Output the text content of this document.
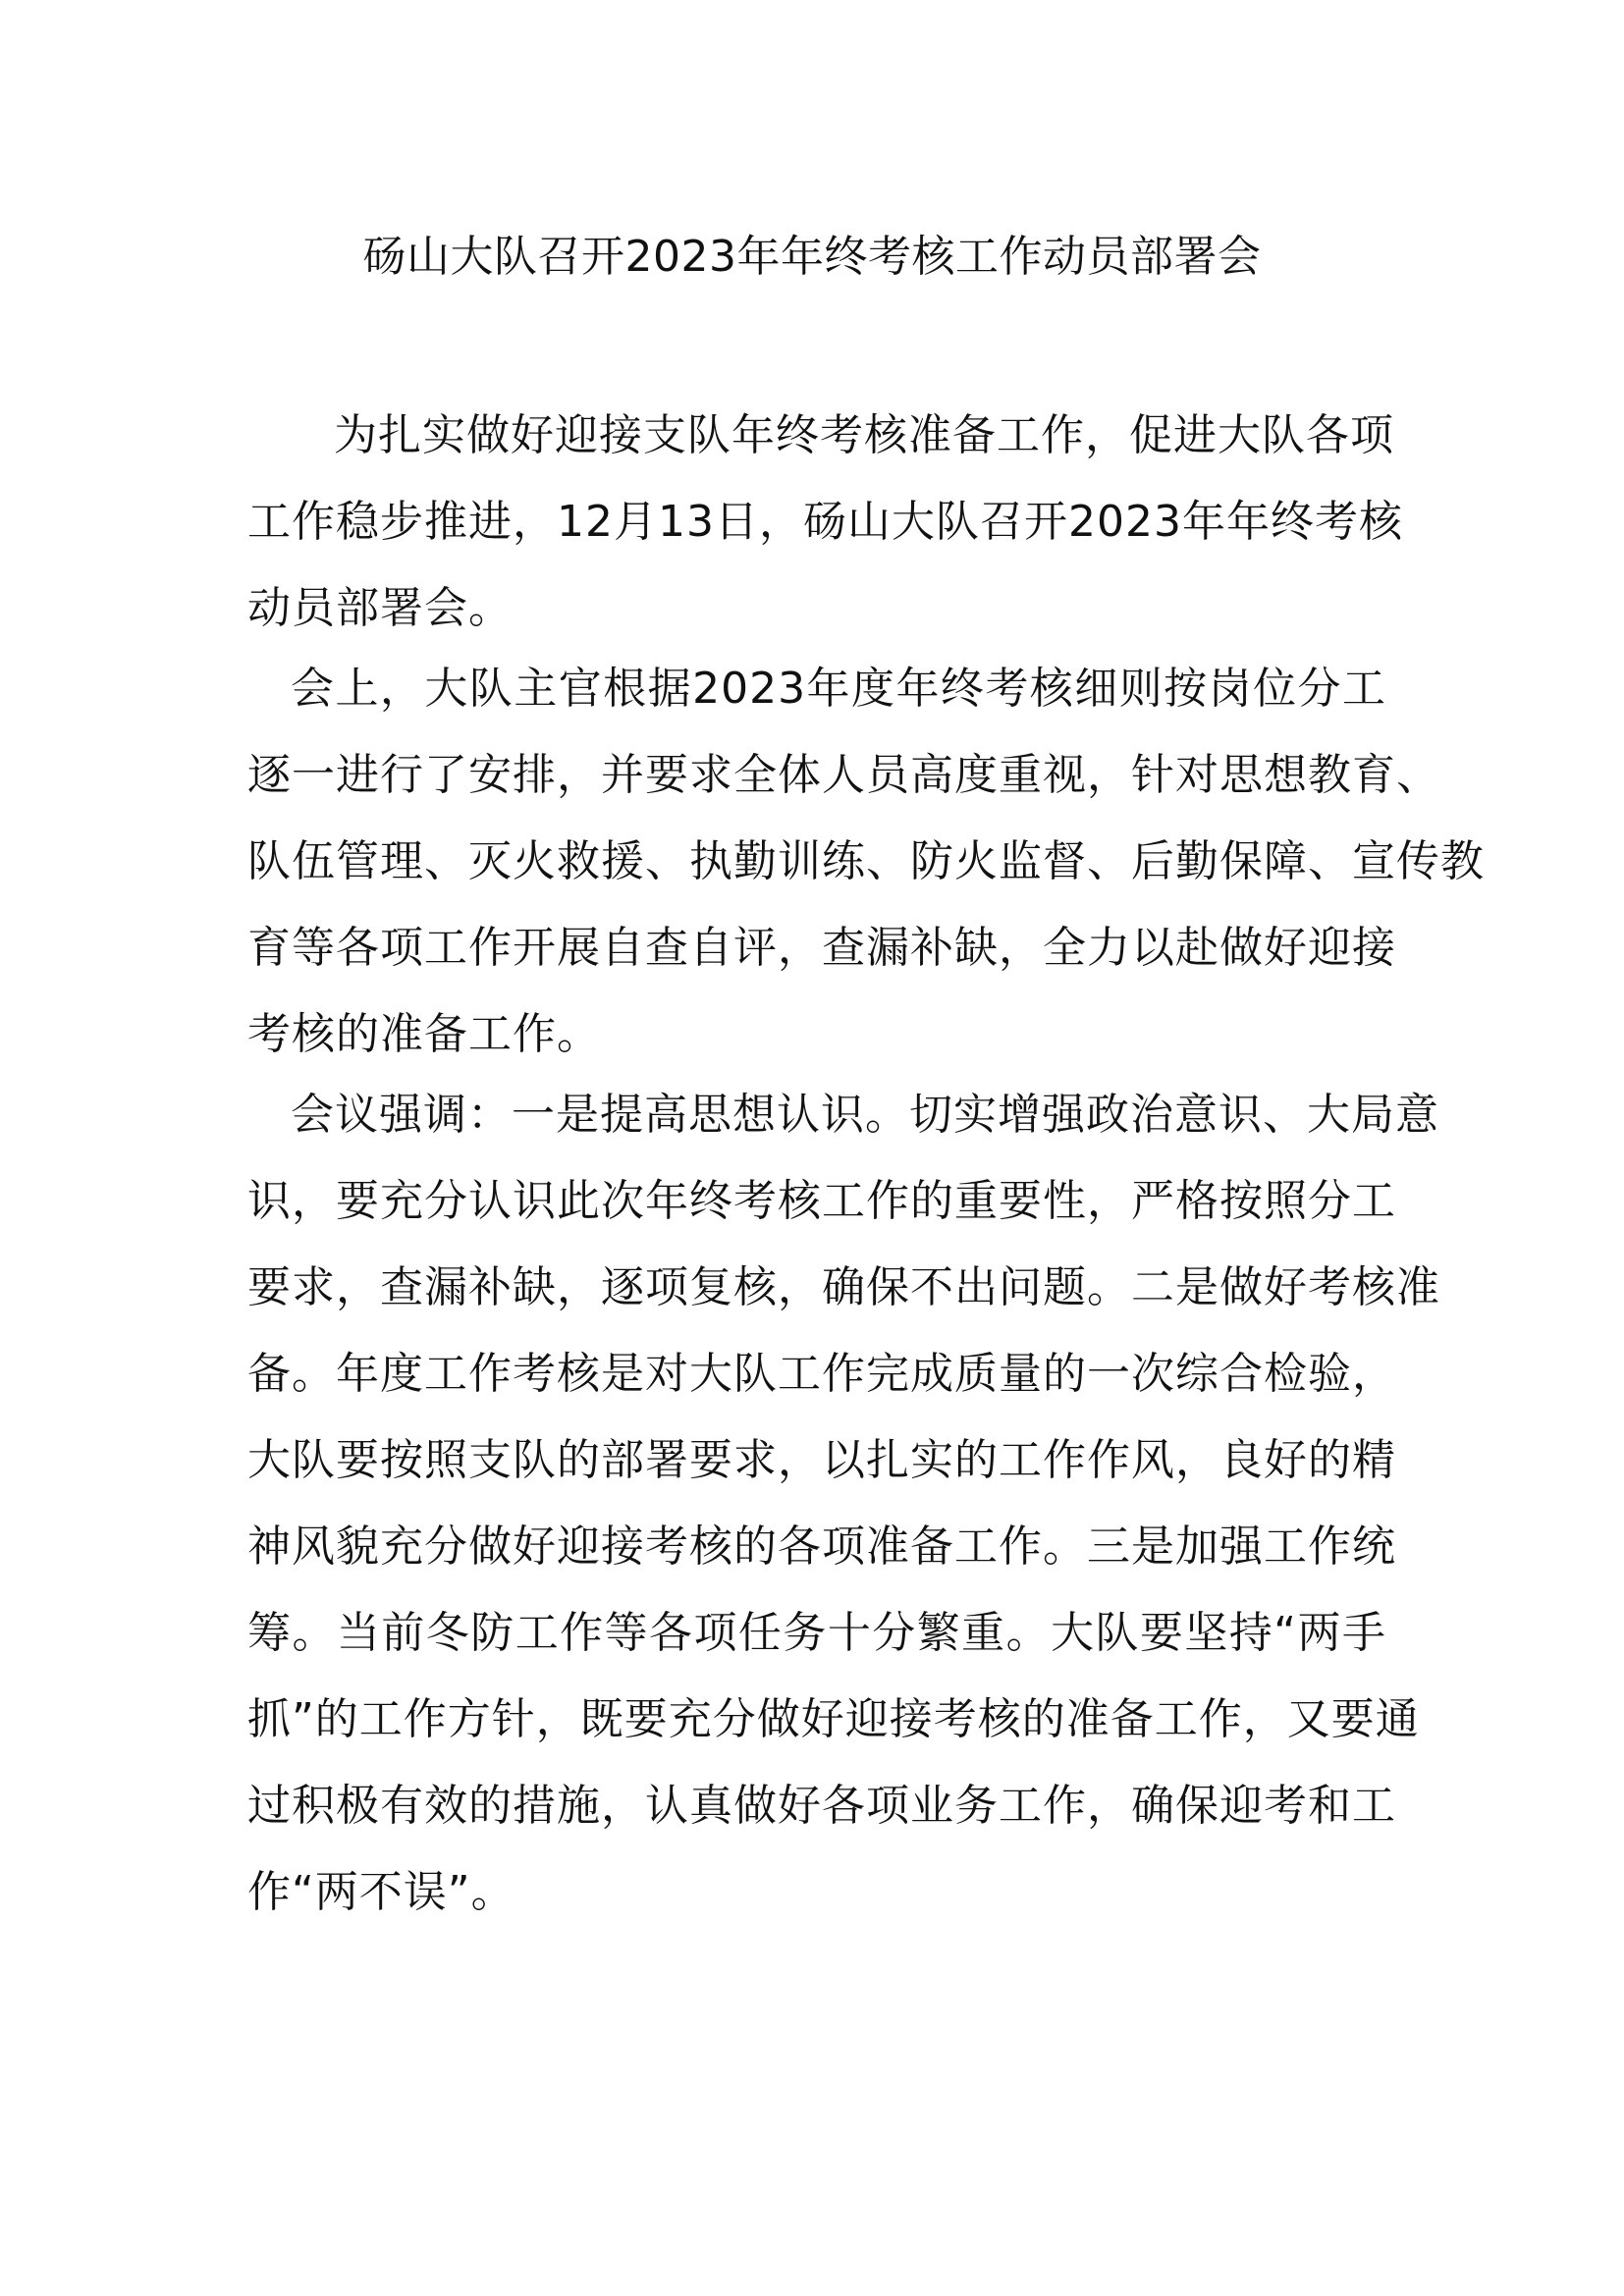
砀山大队召开2023年年终考核工作动员部署会
为扎实做好迎接支队年终考核准备工作，促进大队各项
工作稳步推进，12月13日，砀山大队召开2023年年终考核
动员部署会。
会上，大队主官根据2023年度年终考核细则按岗位分工
逐一进行了安排，并要求全体人员高度重视，针对思想教育、
队伍管理、灭火救援、执勤训练、防火监督、后勤保障、宣传教
育等各项工作开展自查自评，查漏补缺，全力以赴做好迎接
考核的准备工作。
会议强调：一是提高思想认识。切实增强政治意识、大局意
识，要充分认识此次年终考核工作的重要性，严格按照分工
要求，查漏补缺，逐项复核，确保不出问题。二是做好考核准
备。年度工作考核是对大队工作完成质量的一次综合检验，
大队要按照支队的部署要求，以扎实的工作作风，良好的精
神风貌充分做好迎接考核的各项准备工作。三是加强工作统
筹。当前冬防工作等各项任务十分繁重。大队要坚持“两手
抓”的工作方针，既要充分做好迎接考核的准备工作，又要通
过积极有效的措施，认真做好各项业务工作，确保迎考和工
作“两不误”。
